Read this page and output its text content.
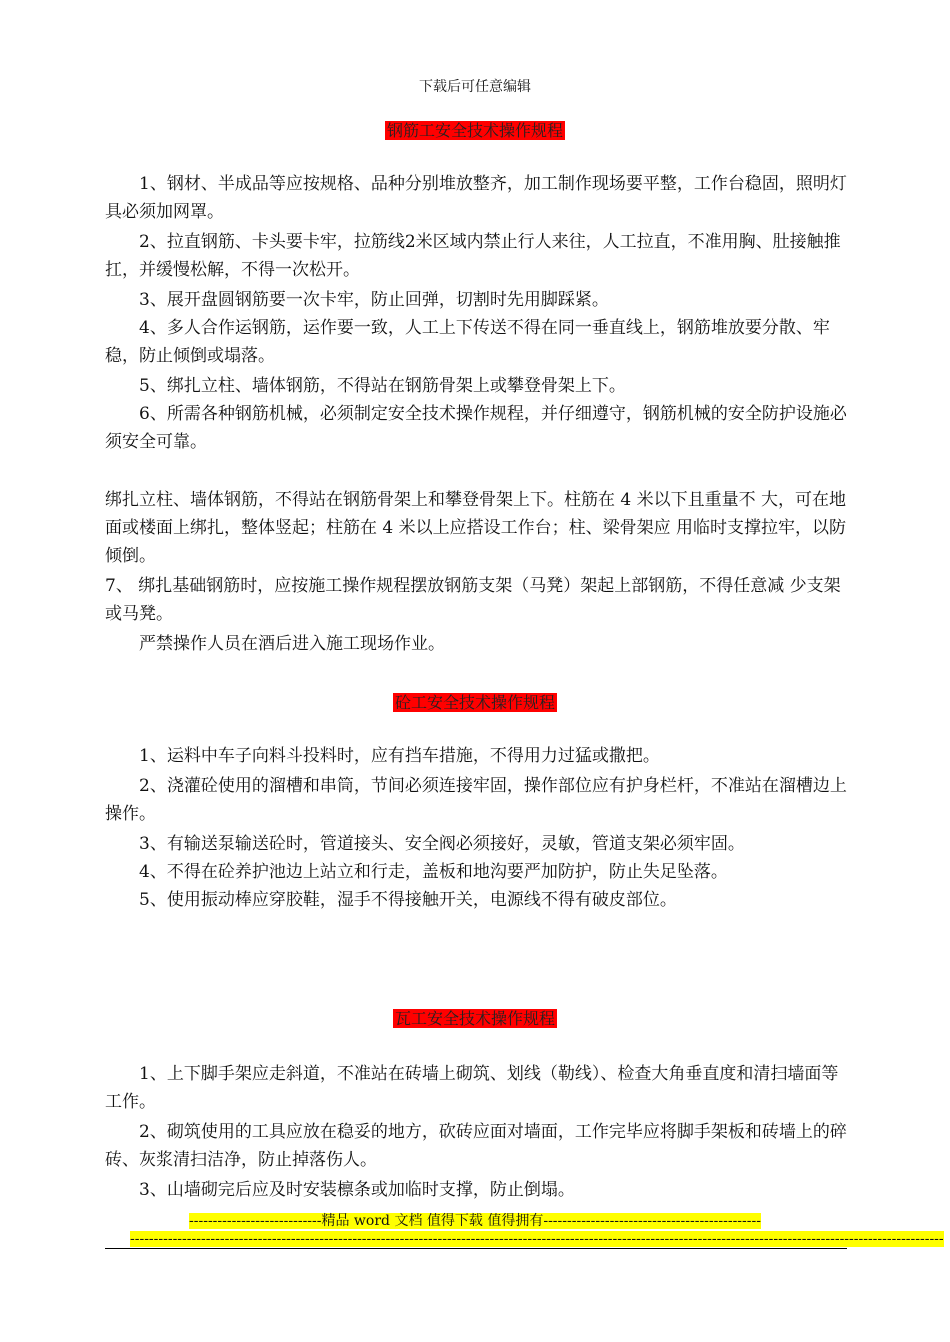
下载后可任意编辑
钢筋工安全技术操作规程
　　1、钢材、半成品等应按规格、品种分别堆放整齐，加工制作现场要平整，工作台稳固，照明灯具必须加网罩。
　　2、拉直钢筋、卡头要卡牢，拉筋线2米区域内禁止行人来往，人工拉直，不准用胸、肚接触推扛，并缓慢松解，不得一次松开。
　　3、展开盘圆钢筋要一次卡牢，防止回弹，切割时先用脚踩紧。
　　4、多人合作运钢筋，运作要一致，人工上下传送不得在同一垂直线上，钢筋堆放要分散、牢稳，防止倾倒或塌落。
　　5、绑扎立柱、墙体钢筋，不得站在钢筋骨架上或攀登骨架上下。
　　6、所需各种钢筋机械，必须制定安全技术操作规程，并仔细遵守，钢筋机械的安全防护设施必须安全可靠。
绑扎立柱、墙体钢筋，不得站在钢筋骨架上和攀登骨架上下。柱筋在 4 米以下且重量不 大，可在地面或楼面上绑扎，整体竖起；柱筋在 4 米以上应搭设工作台；柱、梁骨架应 用临时支撑拉牢，以防倾倒。
7、 绑扎基础钢筋时，应按施工操作规程摆放钢筋支架（马凳）架起上部钢筋，不得任意减 少支架或马凳。
　　严禁操作人员在酒后进入施工现场作业。
砼工安全技术操作规程
　　1、运料中车子向料斗投料时，应有挡车措施，不得用力过猛或撒把。
　　2、浇灌砼使用的溜槽和串筒，节间必须连接牢固，操作部位应有护身栏杆，不准站在溜槽边上操作。
　　3、有输送泵输送砼时，管道接头、安全阀必须接好，灵敏，管道支架必须牢固。
　　4、不得在砼养护池边上站立和行走，盖板和地沟要严加防护，防止失足坠落。
　　5、使用振动棒应穿胶鞋，湿手不得接触开关，电源线不得有破皮部位。
瓦工安全技术操作规程
　　1、上下脚手架应走斜道，不准站在砖墙上砌筑、划线（勒线）、检查大角垂直度和清扫墙面等工作。
　　2、砌筑使用的工具应放在稳妥的地方，砍砖应面对墙面，工作完毕应将脚手架板和砖墙上的碎砖、灰浆清扫洁净，防止掉落伤人。
　　3、山墙砌完后应及时安装檩条或加临时支撑，防止倒塌。
----------------------------精品 word 文档 值得下载 值得拥有----------------------------------------------
----------------------------------------------------------------------------------------------------------------------------------------------------------------------------
